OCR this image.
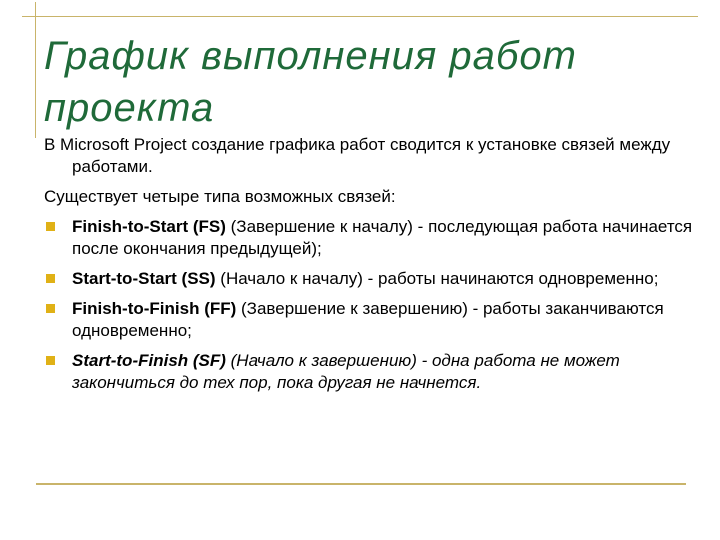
График выполнения работ проекта

В Microsoft Project создание графика работ сводится к установке связей между работами.

Существует четыре типа возможных связей:

Finish-to-Start (FS) (Завершение к началу) - последующая работа начинается после окончания предыдущей);
Start-to-Start (SS) (Начало к началу) - работы начинаются одновременно;
Finish-to-Finish (FF) (Завершение к завершению) - работы заканчиваются одновременно;
Start-to-Finish (SF) (Начало к завершению) - одна работа не может закончиться до тех пор, пока другая не начнется.
